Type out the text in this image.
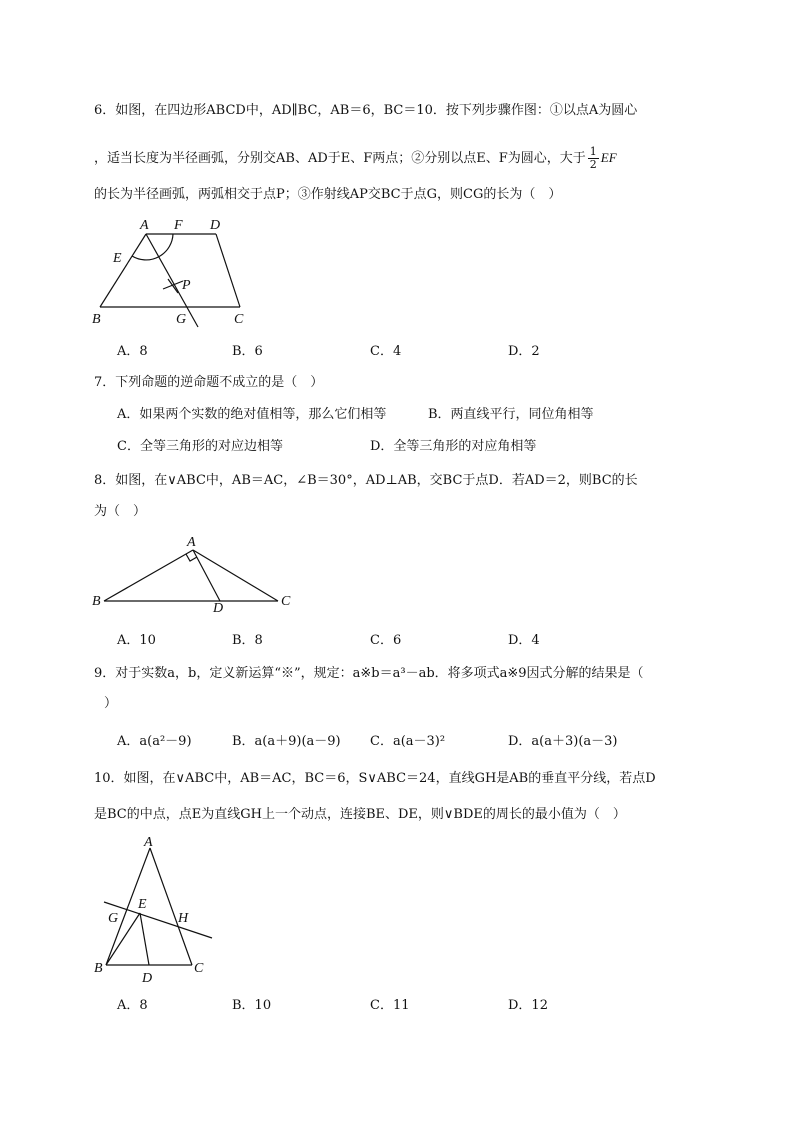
6．如图，在四边形ABCD中，AD∥BC，AB＝6，BC＝10．按下列步骤作图：①以点A为圆心
，适当长度为半径画弧，分别交AB、AD于E、F两点；②分别以点E、F为圆心，大于 $\frac{1}{2}$ EF
的长为半径画弧，两弧相交于点P；③作射线AP交BC于点G，则CG的长为（　）
A F D
E
P
B	G	C
A．8	B．6	C．4	D．2
7．下列命题的逆命题不成立的是（　）
A．如果两个实数的绝对值相等，那么它们相等	B．两直线平行，同位角相等
C．全等三角形的对应边相等	D．全等三角形的对应角相等
8．如图，在∨ABC中，AB＝AC，∠B＝30°，AD⊥AB，交BC于点D．若AD＝2，则BC的长
为（　）
A
B	D	C
A．10	B．8	C．6	D．4
9．对于实数a，b，定义新运算“※”，规定：a※b＝a³－ab．将多项式a※9因式分解的结果是（
）
A．a(a²－9)	B．a(a＋9)(a－9) C．a(a－3)²	D．a(a＋3)(a－3)
10．如图，在∨ABC中，AB＝AC，BC＝6，S∨ABC＝24，直线GH是AB的垂直平分线，若点D
是BC的中点，点E为直线GH上一个动点，连接BE、DE，则∨BDE的周长的最小值为（　）
A
G
E
H
B
D
C
A．8	B．10	C．11	D．12
